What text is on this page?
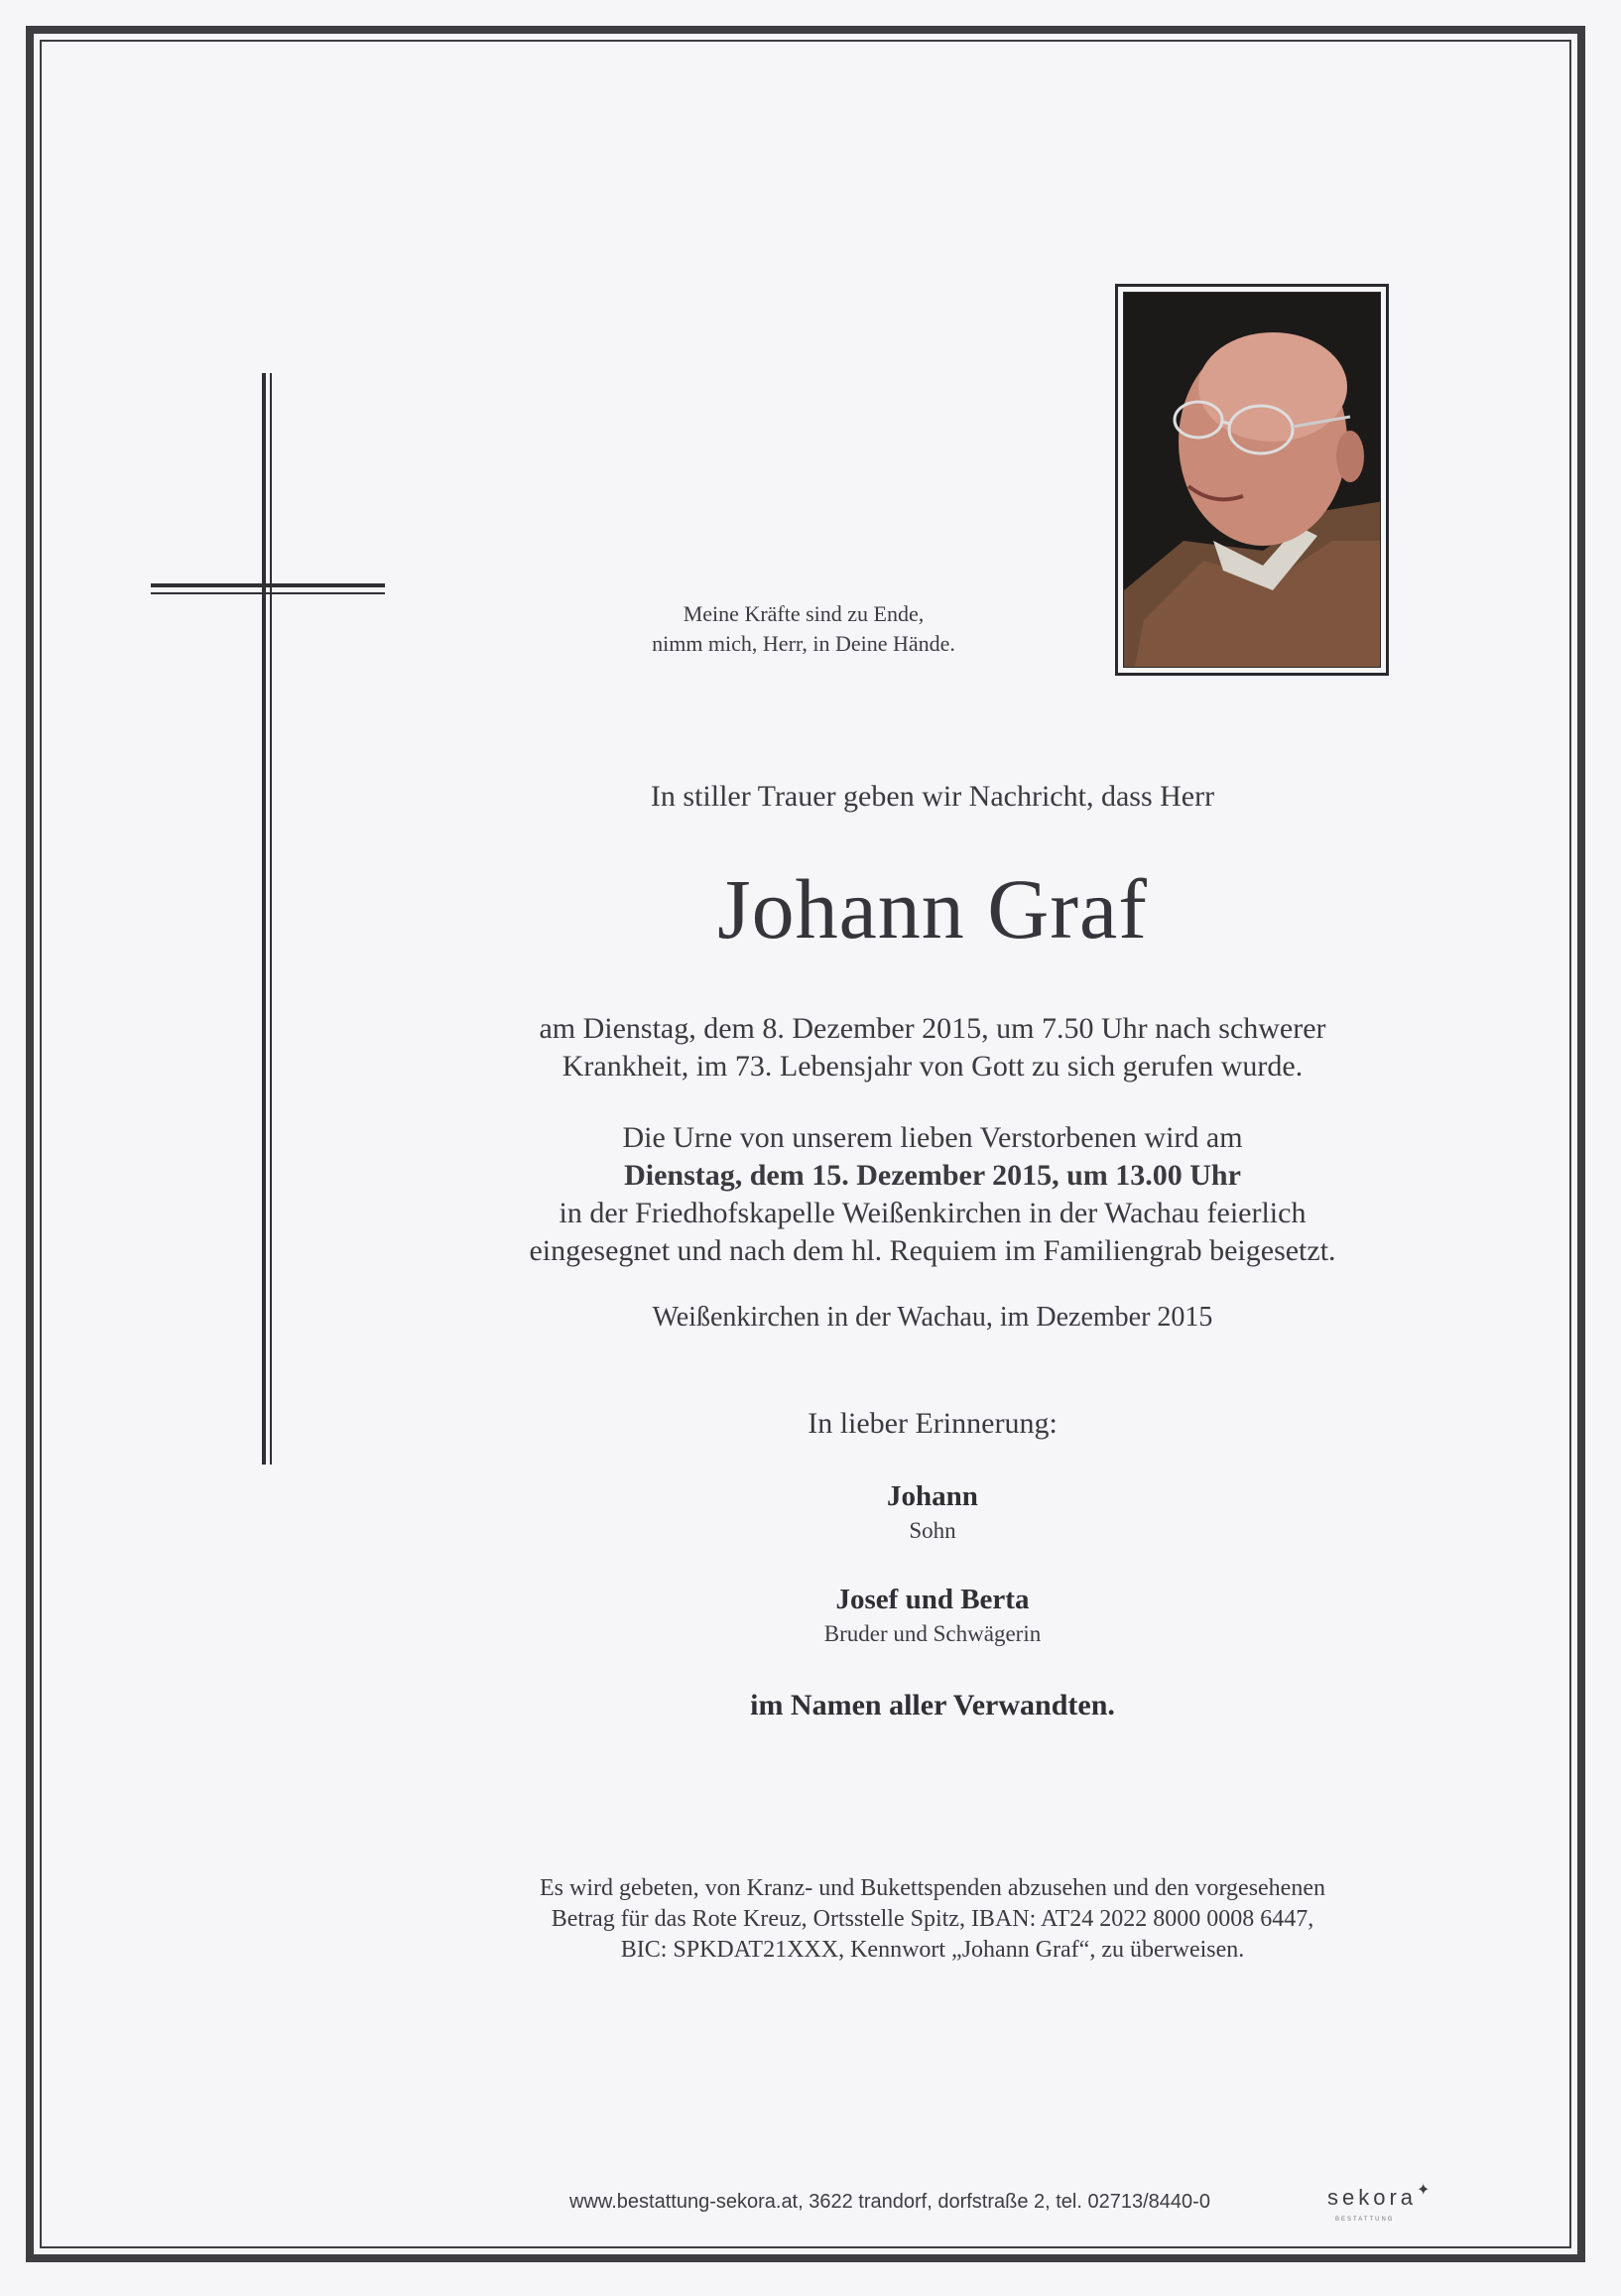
Meine Kräfte sind zu Ende,
nimm mich, Herr, in Deine Hände.
In stiller Trauer geben wir Nachricht, dass Herr
Johann Graf
am Dienstag, dem 8. Dezember 2015, um 7.50 Uhr nach schwerer
Krankheit, im 73. Lebensjahr von Gott zu sich gerufen wurde.
Die Urne von unserem lieben Verstorbenen wird am
Dienstag, dem 15. Dezember 2015, um 13.00 Uhr
in der Friedhofskapelle Weißenkirchen in der Wachau feierlich
eingesegnet und nach dem hl. Requiem im Familiengrab beigesetzt.
Weißenkirchen in der Wachau, im Dezember 2015
In lieber Erinnerung:
Johann
Sohn
Josef und Berta
Bruder und Schwägerin
im Namen aller Verwandten.
Es wird gebeten, von Kranz- und Bukettspenden abzusehen und den vorgesehenen
Betrag für das Rote Kreuz, Ortsstelle Spitz, IBAN: AT24 2022 8000 0008 6447,
BIC: SPKDAT21XXX, Kennwort „Johann Graf“, zu überweisen.
www.bestattung-sekora.at, 3622 trandorf, dorfstraße 2, tel. 02713/8440-0	sekora✦
BESTATTUNG
